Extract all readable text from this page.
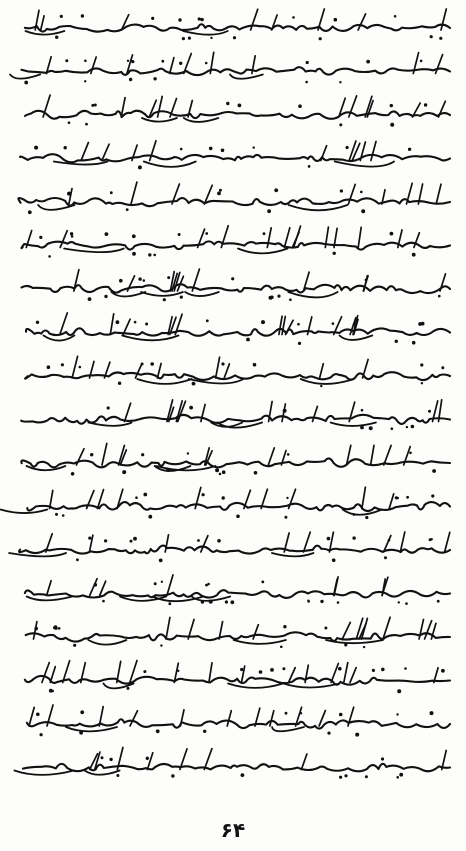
۶۴
